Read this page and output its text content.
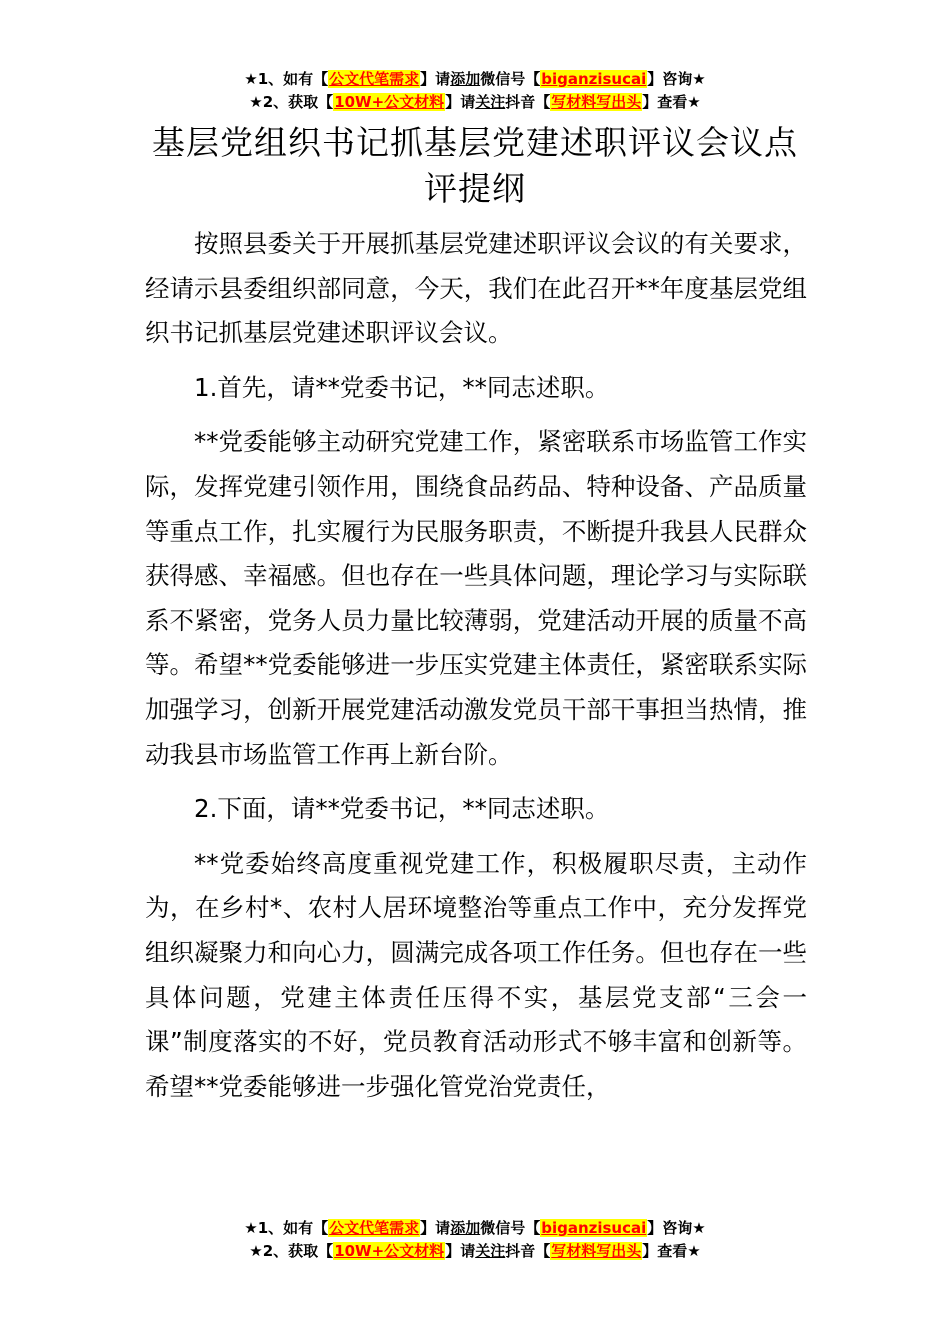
★1、如有【公文代笔需求】请添加微信号【biganzisucai】咨询★
★2、获取【10W+公文材料】请关注抖音【写材料写出头】查看★
基层党组织书记抓基层党建述职评议会议点评提纲

按照县委关于开展抓基层党建述职评议会议的有关要求，经请示县委组织部同意，今天，我们在此召开**年度基层党组织书记抓基层党建述职评议会议。

1.首先，请**党委书记，**同志述职。

**党委能够主动研究党建工作，紧密联系市场监管工作实际，发挥党建引领作用，围绕食品药品、特种设备、产品质量等重点工作，扎实履行为民服务职责，不断提升我县人民群众获得感、幸福感。但也存在一些具体问题，理论学习与实际联系不紧密，党务人员力量比较薄弱，党建活动开展的质量不高等。希望**党委能够进一步压实党建主体责任，紧密联系实际加强学习，创新开展党建活动激发党员干部干事担当热情，推动我县市场监管工作再上新台阶。

2.下面，请**党委书记，**同志述职。

**党委始终高度重视党建工作，积极履职尽责，主动作为，在乡村*、农村人居环境整治等重点工作中，充分发挥党组织凝聚力和向心力，圆满完成各项工作任务。但也存在一些具体问题，党建主体责任压得不实，基层党支部“三会一课”制度落实的不好，党员教育活动形式不够丰富和创新等。希望**党委能够进一步强化管党治党责任，

★1、如有【公文代笔需求】请添加微信号【biganzisucai】咨询★
★2、获取【10W+公文材料】请关注抖音【写材料写出头】查看★
